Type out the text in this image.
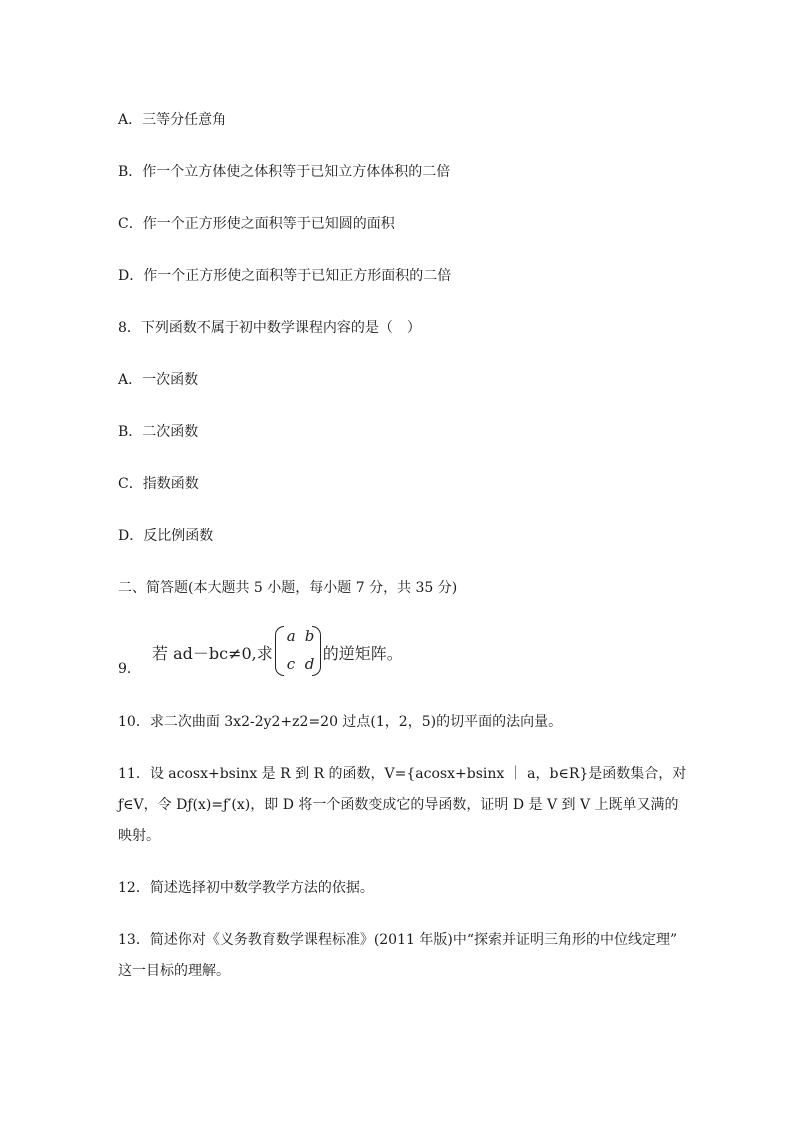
A．三等分任意角
B．作一个立方体使之体积等于已知立方体体积的二倍
C．作一个正方形使之面积等于已知圆的面积
D．作一个正方形使之面积等于已知正方形面积的二倍
8．下列函数不属于初中数学课程内容的是（　）
A．一次函数
B．二次函数
C．指数函数
D．反比例函数
二、简答题(本大题共 5 小题，每小题 7 分，共 35 分)
9．
若 ad－bc≠0,求
a b
c d
的逆矩阵。
10．求二次曲面 3x2-2y2+z2=20 过点(1，2，5)的切平面的法向量。
11．设 acosx+bsinx 是 R 到 R 的函数，V={acosx+bsinx ｜ a，b∈R}是函数集合，对
ƒ∈V，令 Dƒ(x)=ƒ′(x)，即 D 将一个函数变成它的导函数，证明 D 是 V 到 V 上既单又满的
映射。
12．简述选择初中数学教学方法的依据。
13．简述你对《义务教育数学课程标准》(2011 年版)中“探索并证明三角形的中位线定理”
这一目标的理解。
